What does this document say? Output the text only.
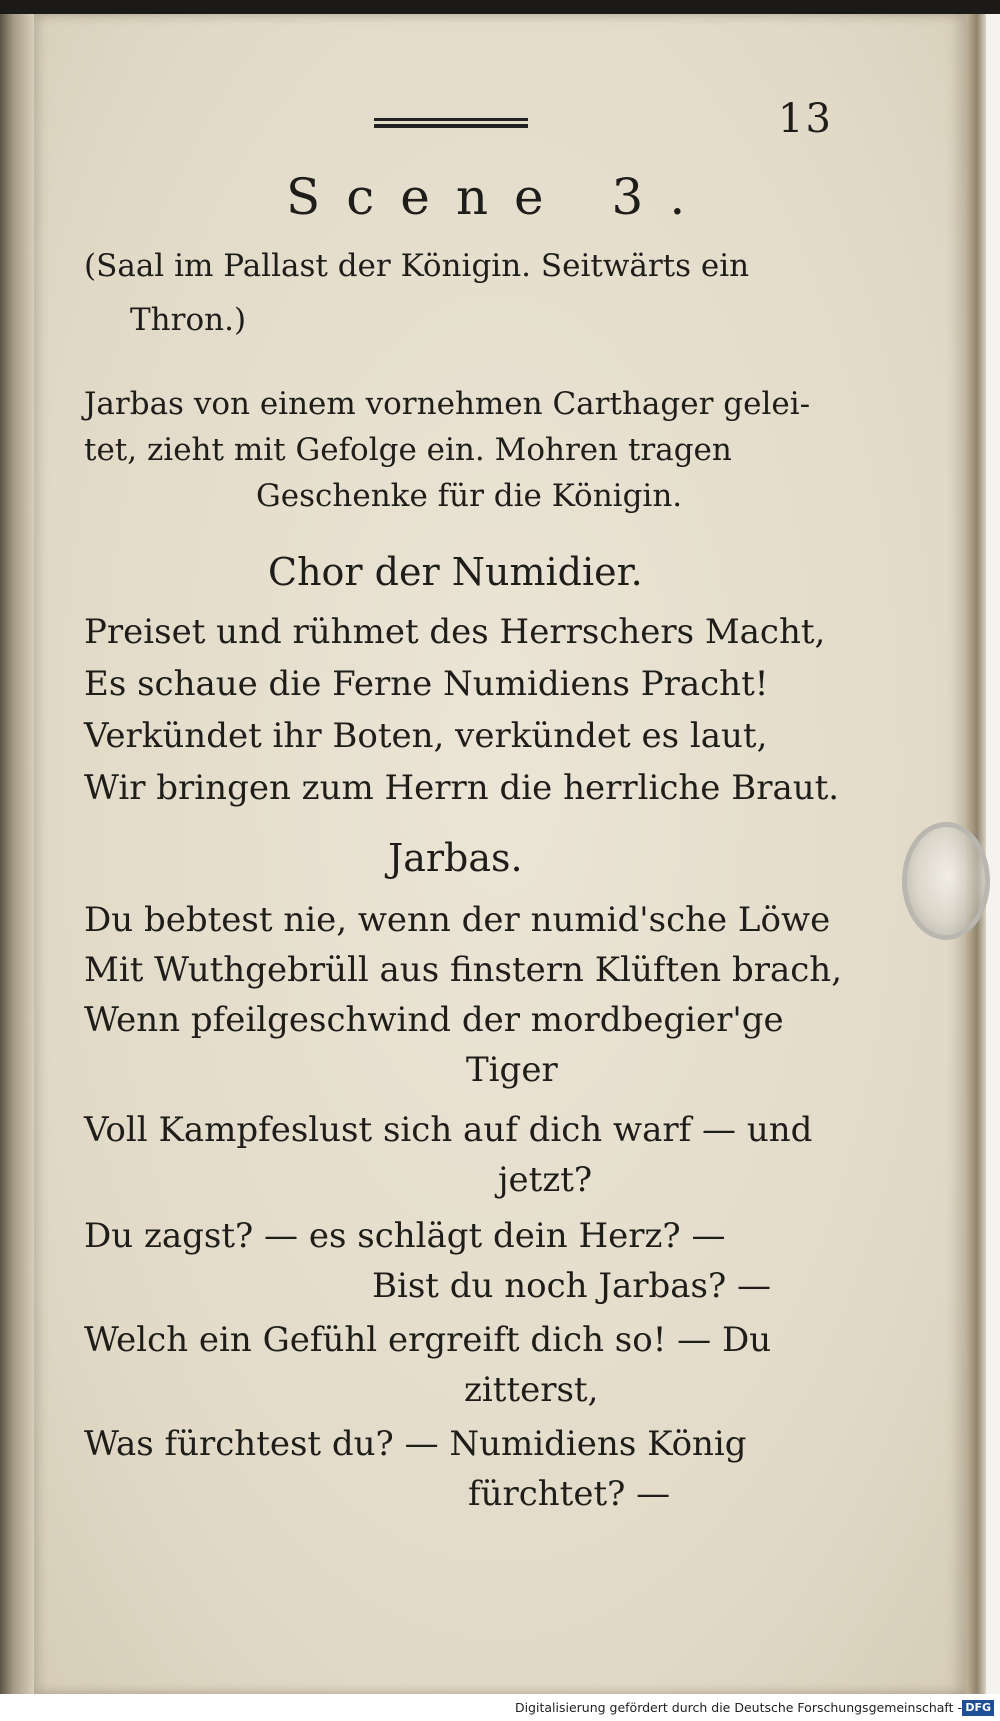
13
Scene 3.
(Saal im Pallast der Königin. Seitwärts ein
Thron.)
Jarbas von einem vornehmen Carthager gelei-
tet, zieht mit Gefolge ein. Mohren tragen
Geschenke für die Königin.
Chor der Numidier.
Preiset und rühmet des Herrschers Macht,
Es schaue die Ferne Numidiens Pracht!
Verkündet ihr Boten, verkündet es laut,
Wir bringen zum Herrn die herrliche Braut.
Jarbas.
Du bebtest nie, wenn der numid'sche Löwe
Mit Wuthgebrüll aus finstern Klüften brach,
Wenn pfeilgeschwind der mordbegier'ge
Tiger
Voll Kampfeslust sich auf dich warf — und
jetzt?
Du zagst? — es schlägt dein Herz? —
Bist du noch Jarbas? —
Welch ein Gefühl ergreift dich so! — Du
zitterst,
Was fürchtest du? — Numidiens König
fürchtet? —
Digitalisierung gefördert durch die Deutsche Forschungsgemeinschaft - DFG
